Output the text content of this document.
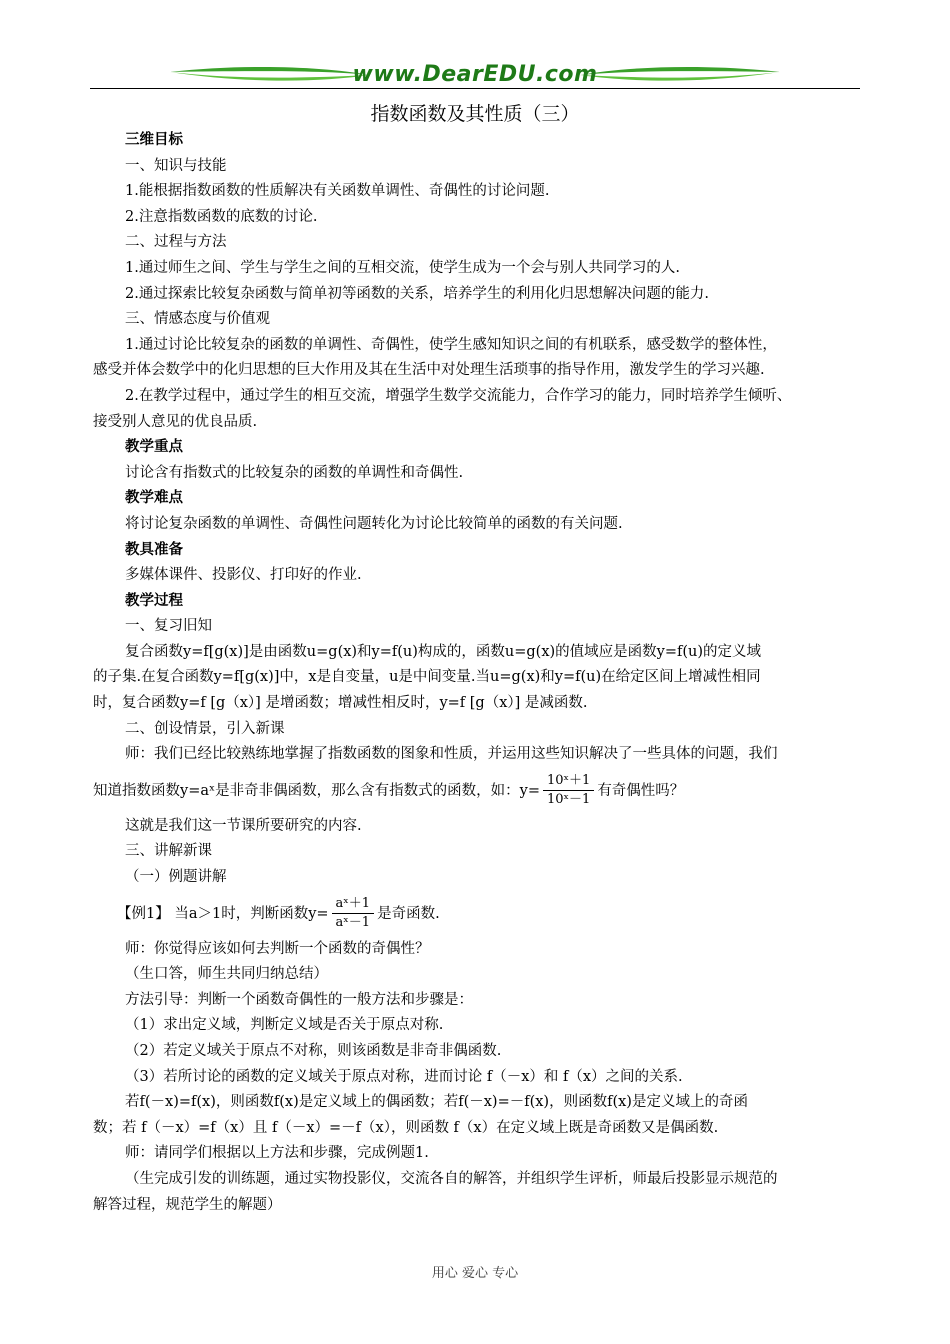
www.DearEDU.com
指数函数及其性质（三）
三维目标
一、知识与技能
1.能根据指数函数的性质解决有关函数单调性、奇偶性的讨论问题.
2.注意指数函数的底数的讨论.
二、过程与方法
1.通过师生之间、学生与学生之间的互相交流，使学生成为一个会与别人共同学习的人.
2.通过探索比较复杂函数与简单初等函数的关系，培养学生的利用化归思想解决问题的能力.
三、情感态度与价值观
1.通过讨论比较复杂的函数的单调性、奇偶性，使学生感知知识之间的有机联系，感受数学的整体性，
感受并体会数学中的化归思想的巨大作用及其在生活中对处理生活琐事的指导作用，激发学生的学习兴趣.
2.在教学过程中，通过学生的相互交流，增强学生数学交流能力，合作学习的能力，同时培养学生倾听、
接受别人意见的优良品质.
教学重点
讨论含有指数式的比较复杂的函数的单调性和奇偶性.
教学难点
将讨论复杂函数的单调性、奇偶性问题转化为讨论比较简单的函数的有关问题.
教具准备
多媒体课件、投影仪、打印好的作业.
教学过程
一、复习旧知
复合函数y=f[g(x)]是由函数u=g(x)和y=f(u)构成的，函数u=g(x)的值域应是函数y=f(u)的定义域
的子集.在复合函数y=f[g(x)]中，x是自变量，u是中间变量.当u=g(x)和y=f(u)在给定区间上增减性相同
时，复合函数y=f [g（x）] 是增函数；增减性相反时，y=f [g（x）] 是减函数.
二、创设情景，引入新课
师：我们已经比较熟练地掌握了指数函数的图象和性质，并运用这些知识解决了一些具体的问题，我们
知道指数函数y=aˣ是非奇非偶函数，那么含有指数式的函数，如：$y= \frac{\text{10ˣ＋1}}{\text{10ˣ－1}}$ 有奇偶性吗？
这就是我们这一节课所要研究的内容.
三、讲解新课
（一）例题讲解
【例1】 当a＞1时，判断函数$y= \frac{\text{aˣ＋1}}{\text{aˣ－1}}$ 是奇函数.
师：你觉得应该如何去判断一个函数的奇偶性？
（生口答，师生共同归纳总结）
方法引导：判断一个函数奇偶性的一般方法和步骤是：
（1）求出定义域，判断定义域是否关于原点对称.
（2）若定义域关于原点不对称，则该函数是非奇非偶函数.
（3）若所讨论的函数的定义域关于原点对称，进而讨论 f（－x）和 f（x）之间的关系.
若f(－x)=f(x)，则函数f(x)是定义域上的偶函数；若f(－x)=－f(x)，则函数f(x)是定义域上的奇函
数；若 f（－x）=f（x）且 f（－x）=－f（x），则函数 f（x）在定义域上既是奇函数又是偶函数.
师：请同学们根据以上方法和步骤，完成例题1.
（生完成引发的训练题，通过实物投影仪，交流各自的解答，并组织学生评析，师最后投影显示规范的
解答过程，规范学生的解题）
用心 爱心 专心
